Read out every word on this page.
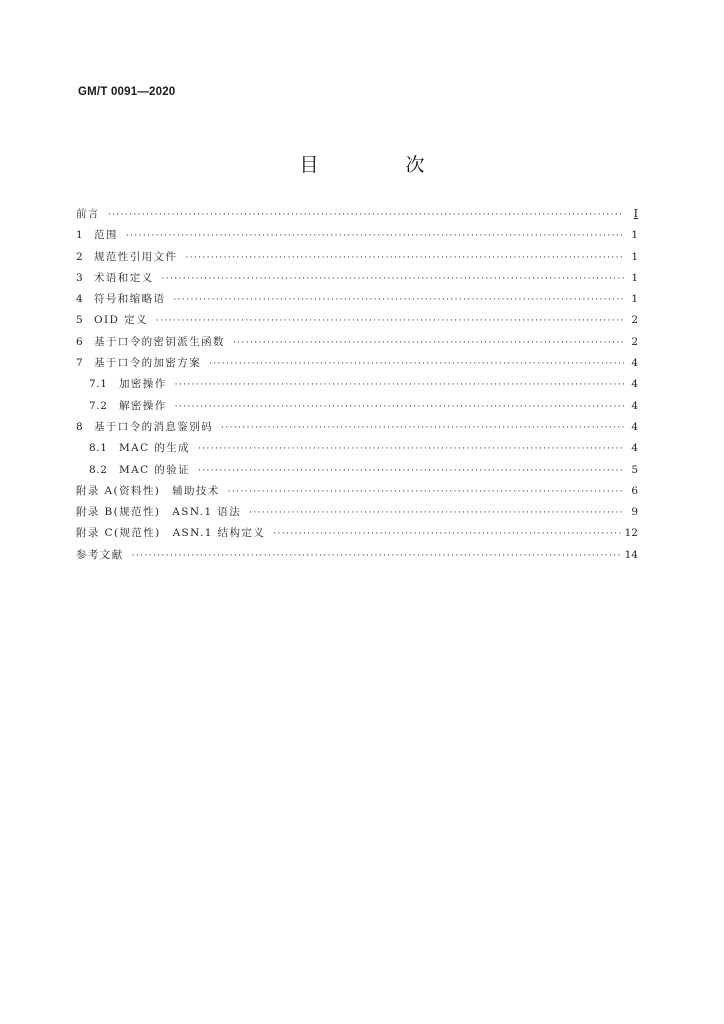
GM/T 0091—2020
目　次
前言 ·····	Ⅰ
1 范围 ·····	1
2 规范性引用文件 ·····	1
3 术语和定义 ·····	1
4 符号和缩略语 ·····	1
5 OID 定义 ·····	2
6 基于口令的密钥派生函数 ·····	2
7 基于口令的加密方案 ·····	4
7.1 加密操作 ·····	4
7.2 解密操作 ·····	4
8 基于口令的消息鉴别码 ·····	4
8.1 MAC 的生成 ·····	4
8.2 MAC 的验证 ·····	5
附录 A(资料性)　辅助技术 ·····	6
附录 B(规范性)　ASN.1 语法 ·····	9
附录 C(规范性)　ASN.1 结构定义 ·····	12
参考文献 ·····	14
